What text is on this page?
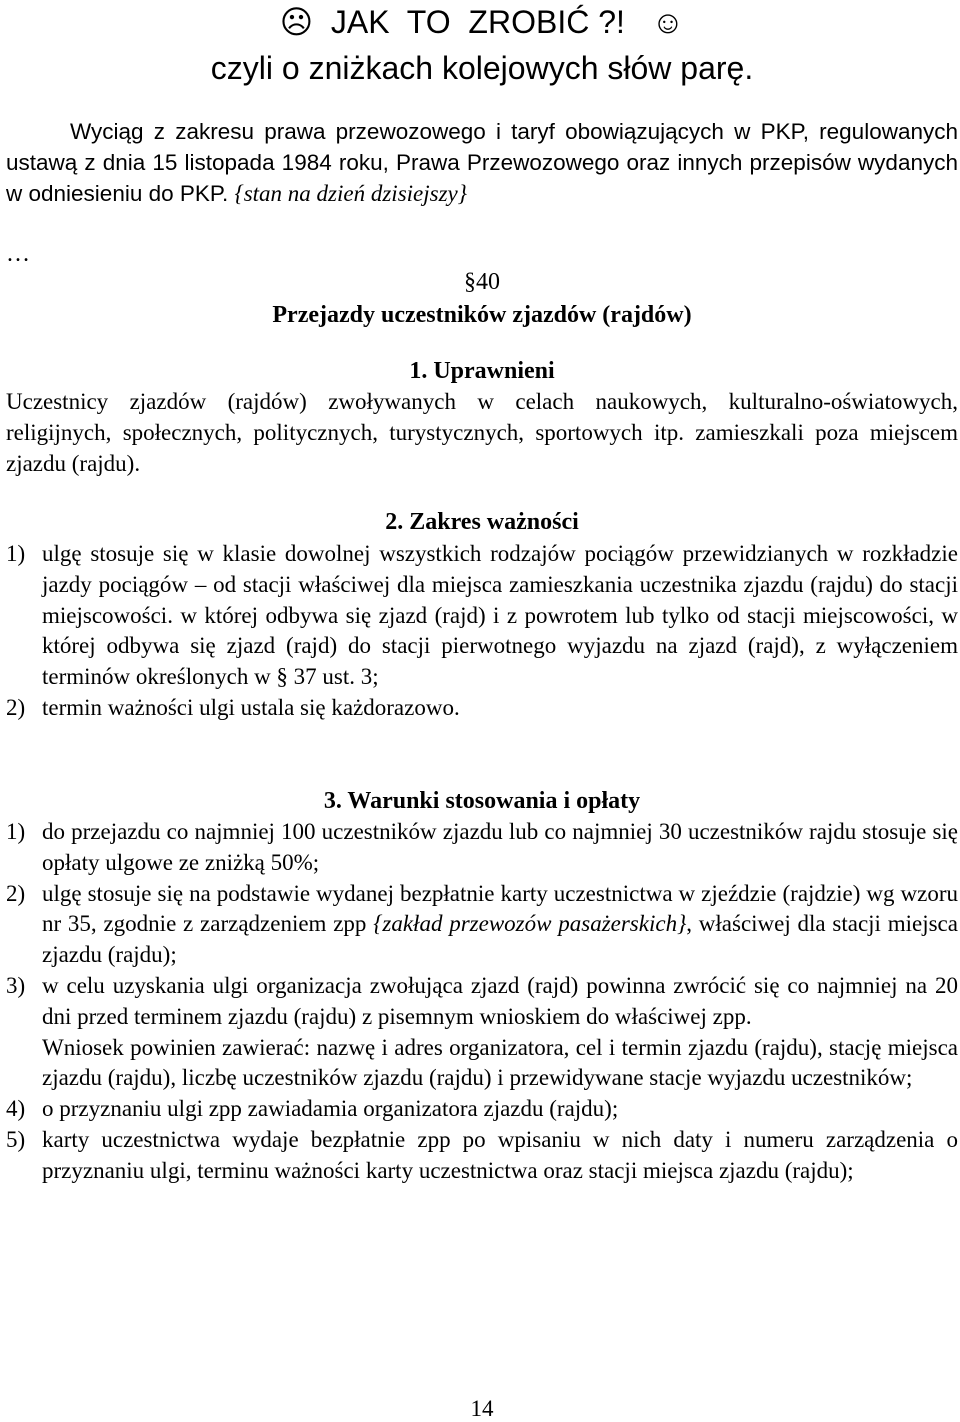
☹  JAK  TO  ZROBIĆ ?!   ☺
czyli o zniżkach kolejowych słów parę.
Wyciąg z zakresu prawa przewozowego i taryf obowiązujących w PKP, regulowanych ustawą z dnia 15 listopada 1984 roku, Prawa Przewozowego oraz innych przepisów wydanych w odniesieniu do PKP. {stan na dzień dzisiejszy}
…
§40
Przejazdy uczestników zjazdów (rajdów)
1. Uprawnieni
Uczestnicy zjazdów (rajdów) zwoływanych w celach naukowych, kulturalno-oświatowych, religijnych, społecznych, politycznych, turystycznych, sportowych itp. zamieszkali poza miejscem zjazdu (rajdu).
2. Zakres ważności
1) ulgę stosuje się w klasie dowolnej wszystkich rodzajów pociągów przewidzianych w rozkładzie jazdy pociągów – od stacji właściwej dla miejsca zamieszkania uczestnika zjazdu (rajdu) do stacji miejscowości. w której odbywa się zjazd (rajd) i z powrotem lub tylko od stacji miejscowości, w której odbywa się zjazd (rajd) do stacji pierwotnego wyjazdu na zjazd (rajd), z wyłączeniem terminów określonych w § 37 ust. 3;
2) termin ważności ulgi ustala się każdorazowo.
3. Warunki stosowania i opłaty
1) do przejazdu co najmniej 100 uczestników zjazdu lub co najmniej 30 uczestników rajdu stosuje się opłaty ulgowe ze zniżką 50%;
2) ulgę stosuje się na podstawie wydanej bezpłatnie karty uczestnictwa w zjeździe (rajdzie) wg wzoru nr 35, zgodnie z zarządzeniem zpp {zakład przewozów pasażerskich}, właściwej dla stacji miejsca zjazdu (rajdu);
3) w celu uzyskania ulgi organizacja zwołująca zjazd (rajd) powinna zwrócić się co najmniej na 20 dni przed terminem zjazdu (rajdu) z pisemnym wnioskiem do właściwej zpp.
Wniosek powinien zawierać: nazwę i adres organizatora, cel i termin zjazdu (rajdu), stację miejsca zjazdu (rajdu), liczbę uczestników zjazdu (rajdu) i przewidywane stacje wyjazdu uczestników;
4) o przyznaniu ulgi zpp zawiadamia organizatora zjazdu (rajdu);
5) karty uczestnictwa wydaje bezpłatnie zpp po wpisaniu w nich daty i numeru zarządzenia o przyznaniu ulgi, terminu ważności karty uczestnictwa oraz stacji miejsca zjazdu (rajdu);
14
